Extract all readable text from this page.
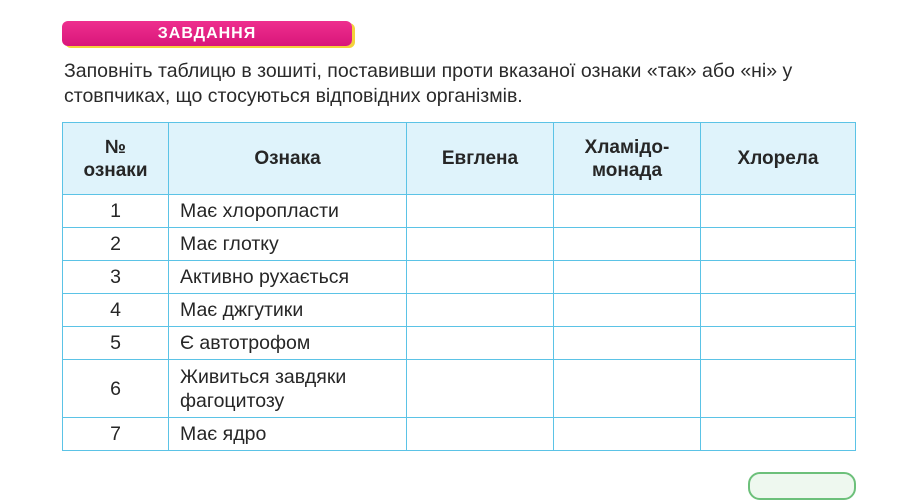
ЗАВДАННЯ
Заповніть таблицю в зошиті, поставивши проти вказаної ознаки «так» або «ні» у стовпчиках, що стосуються відповідних організмів.
№ ознаки	Ознака	Евглена	Хламідо-монада	Хлорела
1	Має хлоропласти			
2	Має глотку			
3	Активно рухається			
4	Має джгутики			
5	Є автотрофом			
6	Живиться завдяки фагоцитозу			
7	Має ядро			
